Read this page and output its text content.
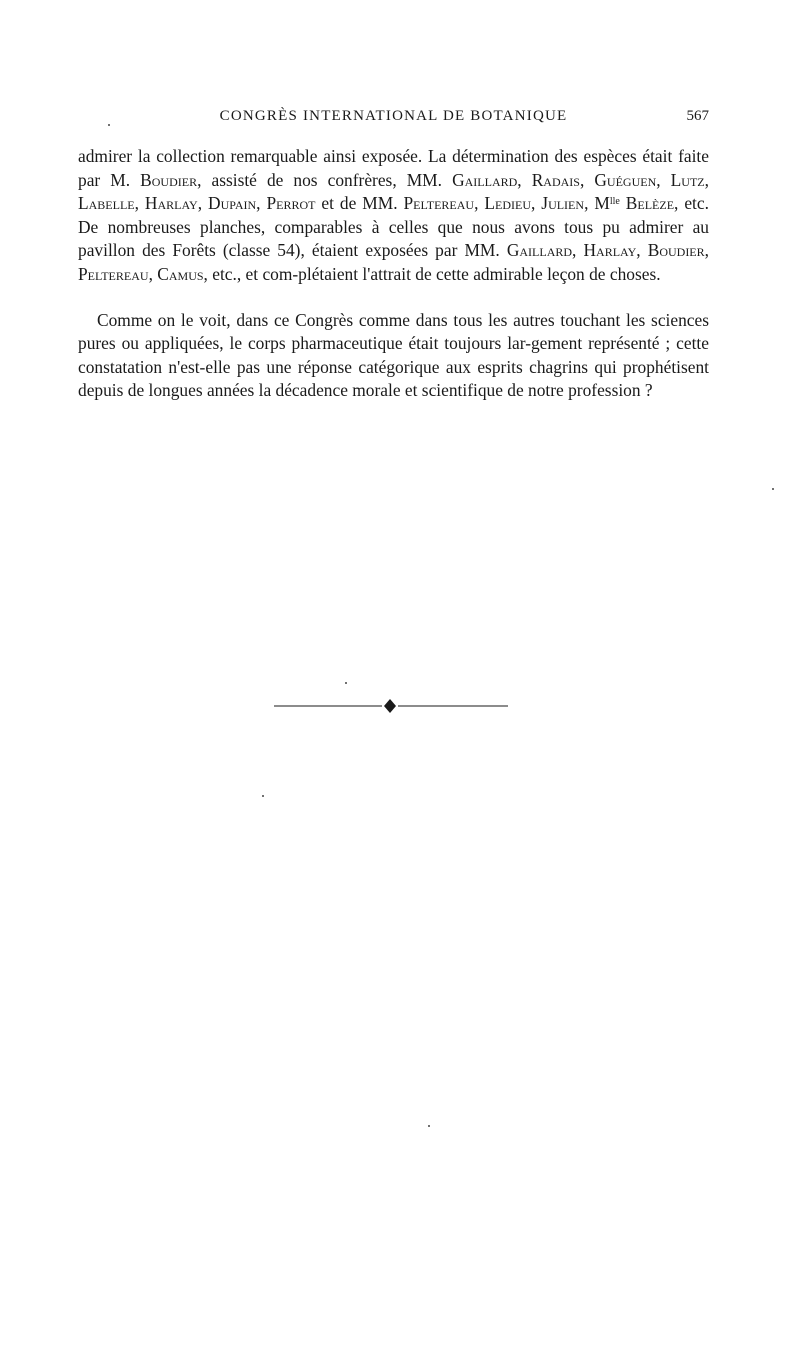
CONGRÈS INTERNATIONAL DE BOTANIQUE	567

admirer la collection remarquable ainsi exposée. La détermination des espèces était faite par M. Boudier, assisté de nos confrères, MM. Gaillard, Radais, Guéguen, Lutz, Labelle, Harlay, Dupain, Perrot et de MM. Peltereau, Ledieu, Julien, $M^{lle}$ Belèze, etc. De nombreuses planches, comparables à celles que nous avons tous pu admirer au pavillon des Forêts (classe 54), étaient exposées par MM. Gaillard, Harlay, Boudier, Peltereau, Camus, etc., et com-plétaient l'attrait de cette admirable leçon de choses.

Comme on le voit, dans ce Congrès comme dans tous les autres touchant les sciences pures ou appliquées, le corps pharmaceutique était toujours lar-gement représenté ; cette constatation n'est-elle pas une réponse catégorique aux esprits chagrins qui prophétisent depuis de longues années la décadence morale et scientifique de notre profession ?
